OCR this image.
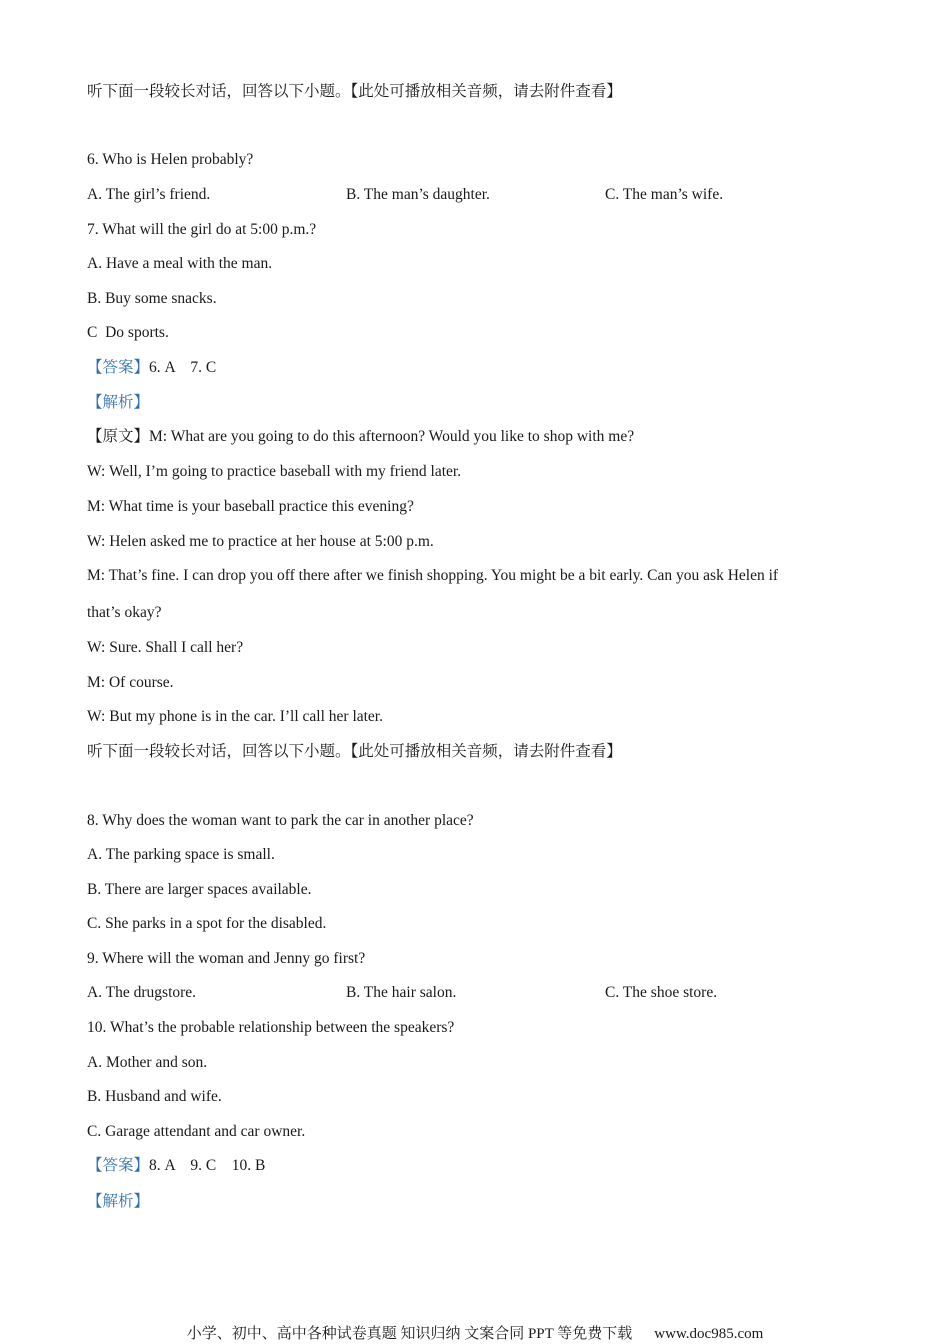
听下面一段较长对话，回答以下小题。【此处可播放相关音频，请去附件查看】
6. Who is Helen probably?
A. The girl’s friend.	B. The man’s daughter.	C. The man’s wife.
7. What will the girl do at 5:00 p.m.?
A. Have a meal with the man.
B. Buy some snacks.
C  Do sports.
【答案】6. A    7. C
【解析】
【原文】M: What are you going to do this afternoon? Would you like to shop with me?
W: Well, I’m going to practice baseball with my friend later.
M: What time is your baseball practice this evening?
W: Helen asked me to practice at her house at 5:00 p.m.
M: That’s fine. I can drop you off there after we finish shopping. You might be a bit early. Can you ask Helen if
that’s okay?
W: Sure. Shall I call her?
M: Of course.
W: But my phone is in the car. I’ll call her later.
听下面一段较长对话，回答以下小题。【此处可播放相关音频，请去附件查看】
8. Why does the woman want to park the car in another place?
A. The parking space is small.
B. There are larger spaces available.
C. She parks in a spot for the disabled.
9. Where will the woman and Jenny go first?
A. The drugstore.	B. The hair salon.	C. The shoe store.
10. What’s the probable relationship between the speakers?
A. Mother and son.
B. Husband and wife.
C. Garage attendant and car owner.
【答案】8. A    9. C    10. B
【解析】
小学、初中、高中各种试卷真题 知识归纳 文案合同 PPT 等免费下载 www.doc985.com
